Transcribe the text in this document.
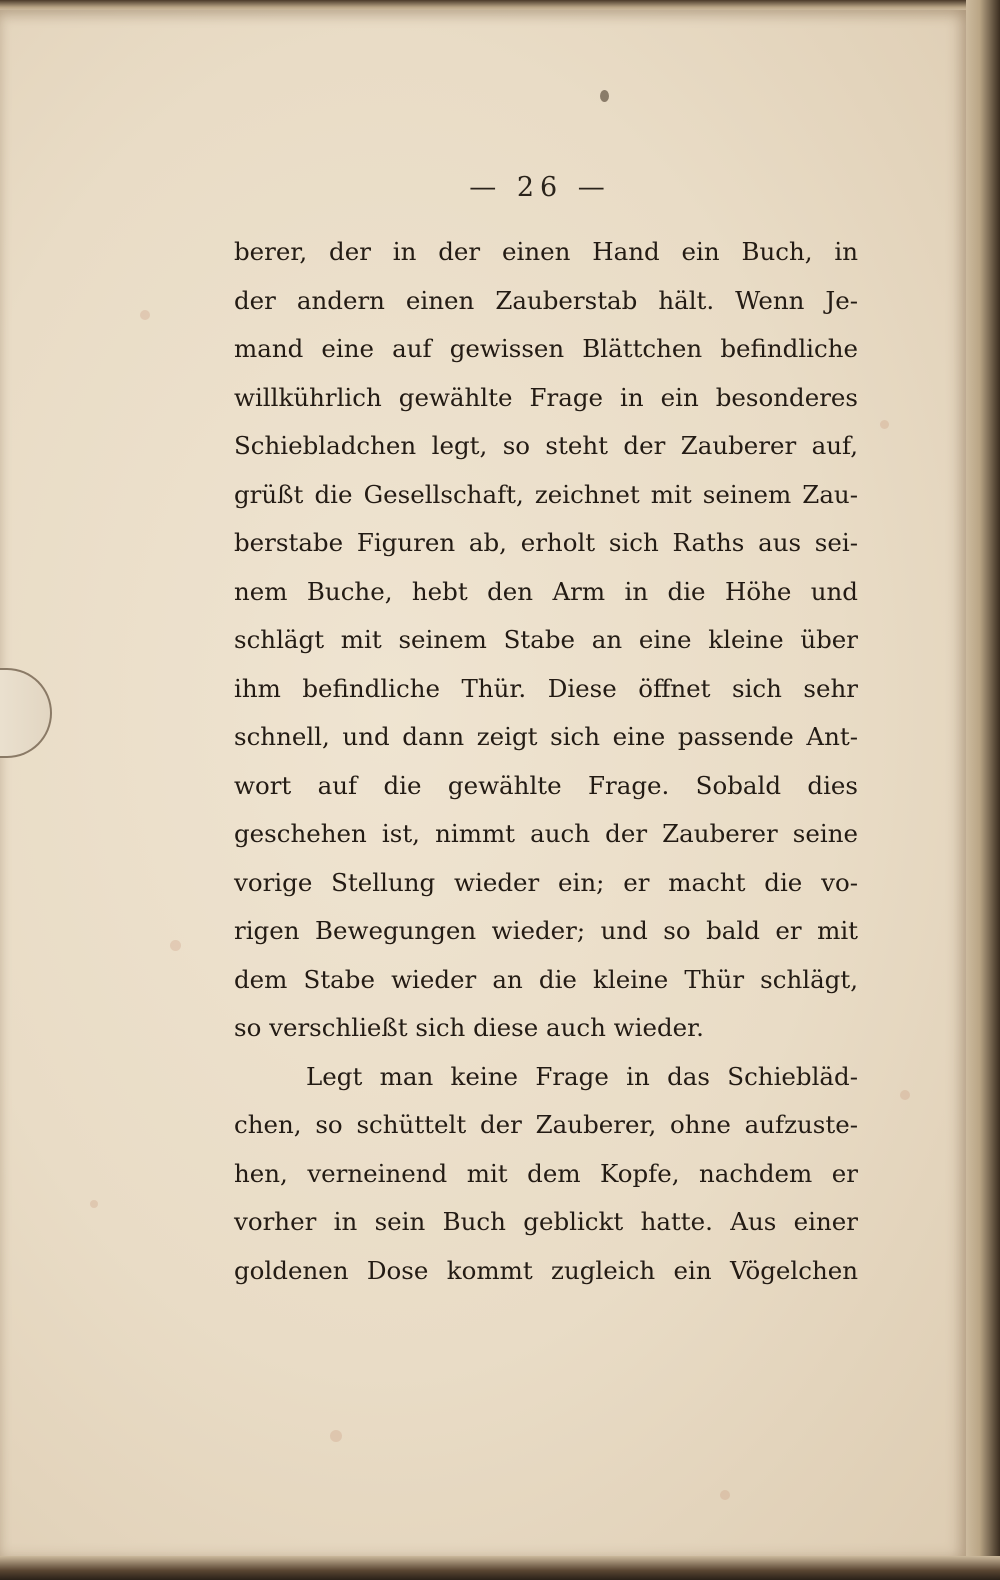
— 26 —
berer, der in der einen Hand ein Buch, in
der andern einen Zauberstab hält. Wenn Je-
mand eine auf gewissen Blättchen befindliche
willkührlich gewählte Frage in ein besonderes
Schiebladchen legt, so steht der Zauberer auf,
grüßt die Gesellschaft, zeichnet mit seinem Zau-
berstabe Figuren ab, erholt sich Raths aus sei-
nem Buche, hebt den Arm in die Höhe und
schlägt mit seinem Stabe an eine kleine über
ihm befindliche Thür. Diese öffnet sich sehr
schnell, und dann zeigt sich eine passende Ant-
wort auf die gewählte Frage. Sobald dies
geschehen ist, nimmt auch der Zauberer seine
vorige Stellung wieder ein; er macht die vo-
rigen Bewegungen wieder; und so bald er mit
dem Stabe wieder an die kleine Thür schlägt,
so verschließt sich diese auch wieder.
Legt man keine Frage in das Schiebläd-
chen, so schüttelt der Zauberer, ohne aufzuste-
hen, verneinend mit dem Kopfe, nachdem er
vorher in sein Buch geblickt hatte. Aus einer
goldenen Dose kommt zugleich ein Vögelchen
